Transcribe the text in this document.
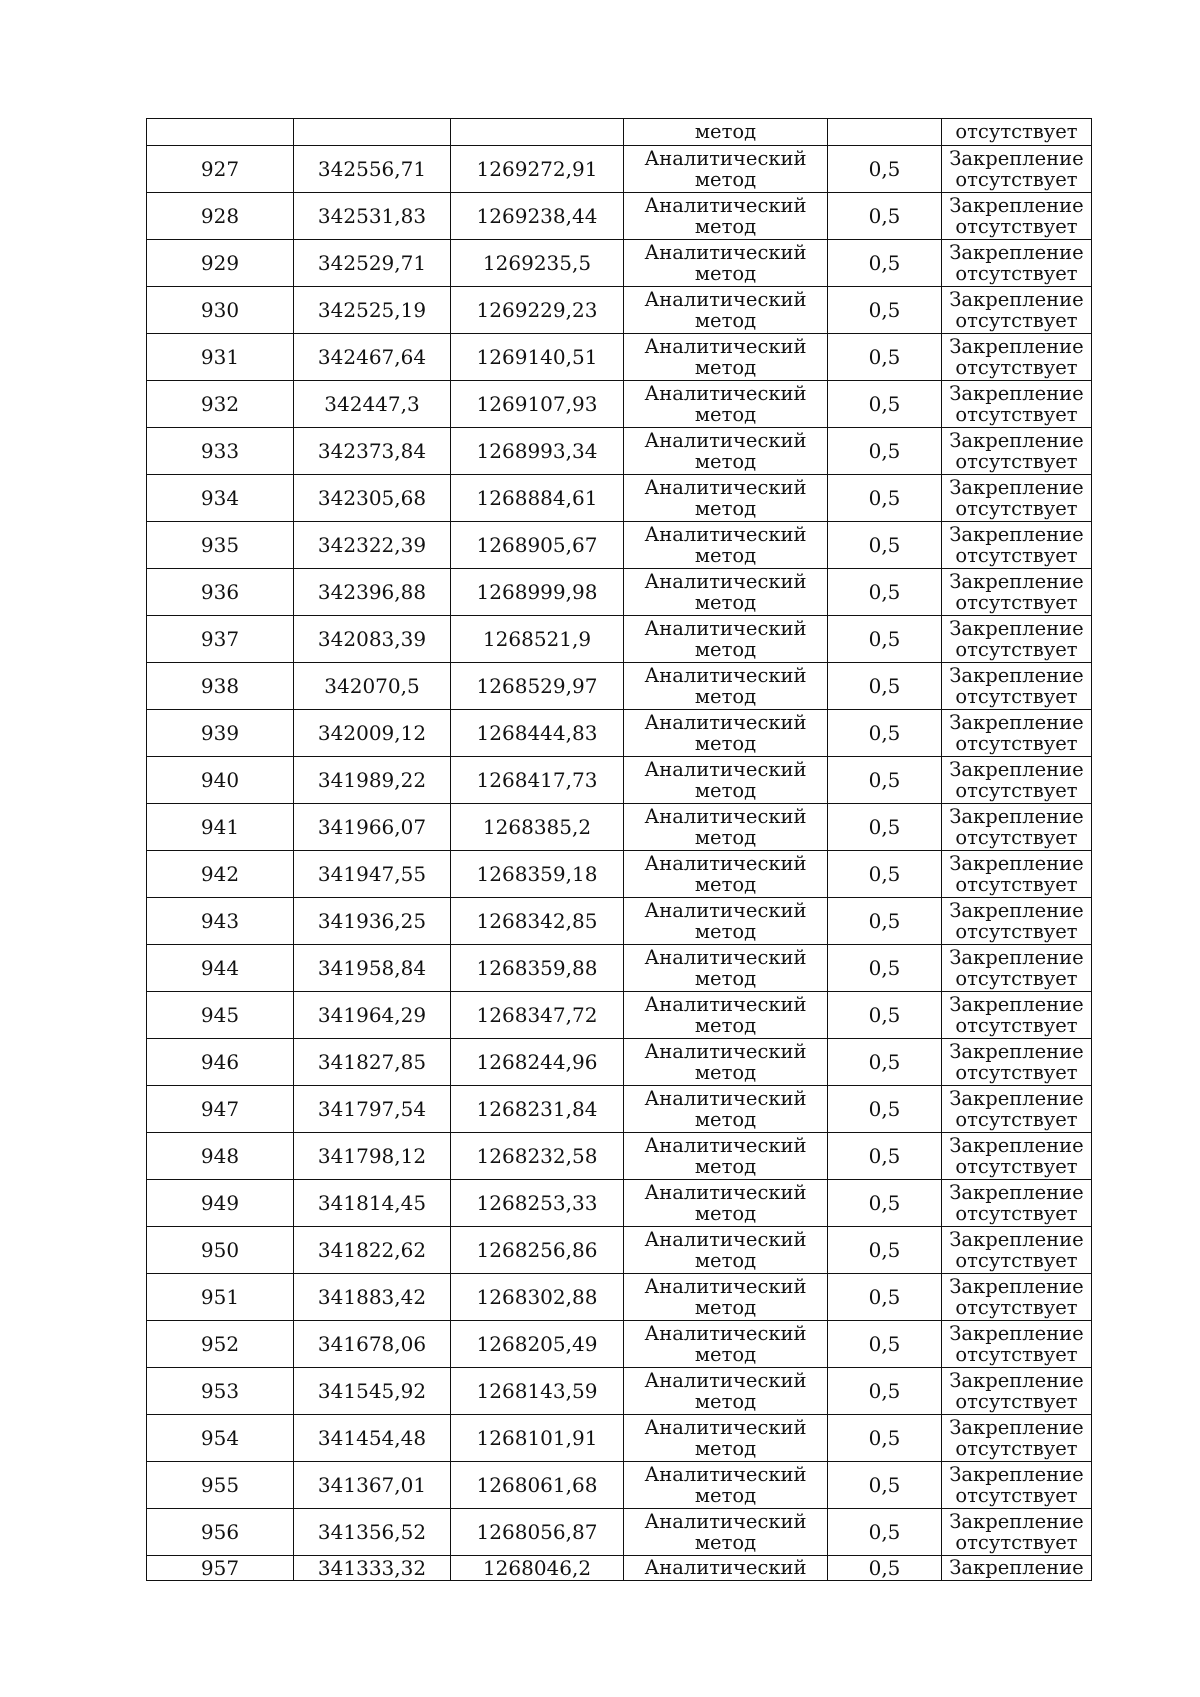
			метод		отсутствует
927	342556,71	1269272,91	Аналитический
метод	0,5	Закрепление
отсутствует

928	342531,83	1269238,44	Аналитический
метод	0,5	Закрепление
отсутствует

929	342529,71	1269235,5	Аналитический
метод	0,5	Закрепление
отсутствует

930	342525,19	1269229,23	Аналитический
метод	0,5	Закрепление
отсутствует

931	342467,64	1269140,51	Аналитический
метод	0,5	Закрепление
отсутствует

932	342447,3	1269107,93	Аналитический
метод	0,5	Закрепление
отсутствует

933	342373,84	1268993,34	Аналитический
метод	0,5	Закрепление
отсутствует

934	342305,68	1268884,61	Аналитический
метод	0,5	Закрепление
отсутствует

935	342322,39	1268905,67	Аналитический
метод	0,5	Закрепление
отсутствует

936	342396,88	1268999,98	Аналитический
метод	0,5	Закрепление
отсутствует

937	342083,39	1268521,9	Аналитический
метод	0,5	Закрепление
отсутствует

938	342070,5	1268529,97	Аналитический
метод	0,5	Закрепление
отсутствует

939	342009,12	1268444,83	Аналитический
метод	0,5	Закрепление
отсутствует

940	341989,22	1268417,73	Аналитический
метод	0,5	Закрепление
отсутствует

941	341966,07	1268385,2	Аналитический
метод	0,5	Закрепление
отсутствует

942	341947,55	1268359,18	Аналитический
метод	0,5	Закрепление
отсутствует

943	341936,25	1268342,85	Аналитический
метод	0,5	Закрепление
отсутствует

944	341958,84	1268359,88	Аналитический
метод	0,5	Закрепление
отсутствует

945	341964,29	1268347,72	Аналитический
метод	0,5	Закрепление
отсутствует

946	341827,85	1268244,96	Аналитический
метод	0,5	Закрепление
отсутствует

947	341797,54	1268231,84	Аналитический
метод	0,5	Закрепление
отсутствует

948	341798,12	1268232,58	Аналитический
метод	0,5	Закрепление
отсутствует

949	341814,45	1268253,33	Аналитический
метод	0,5	Закрепление
отсутствует

950	341822,62	1268256,86	Аналитический
метод	0,5	Закрепление
отсутствует

951	341883,42	1268302,88	Аналитический
метод	0,5	Закрепление
отсутствует

952	341678,06	1268205,49	Аналитический
метод	0,5	Закрепление
отсутствует

953	341545,92	1268143,59	Аналитический
метод	0,5	Закрепление
отсутствует

954	341454,48	1268101,91	Аналитический
метод	0,5	Закрепление
отсутствует

955	341367,01	1268061,68	Аналитический
метод	0,5	Закрепление
отсутствует

956	341356,52	1268056,87	Аналитический
метод	0,5	Закрепление
отсутствует

957	341333,32	1268046,2	Аналитический	0,5	Закрепление
